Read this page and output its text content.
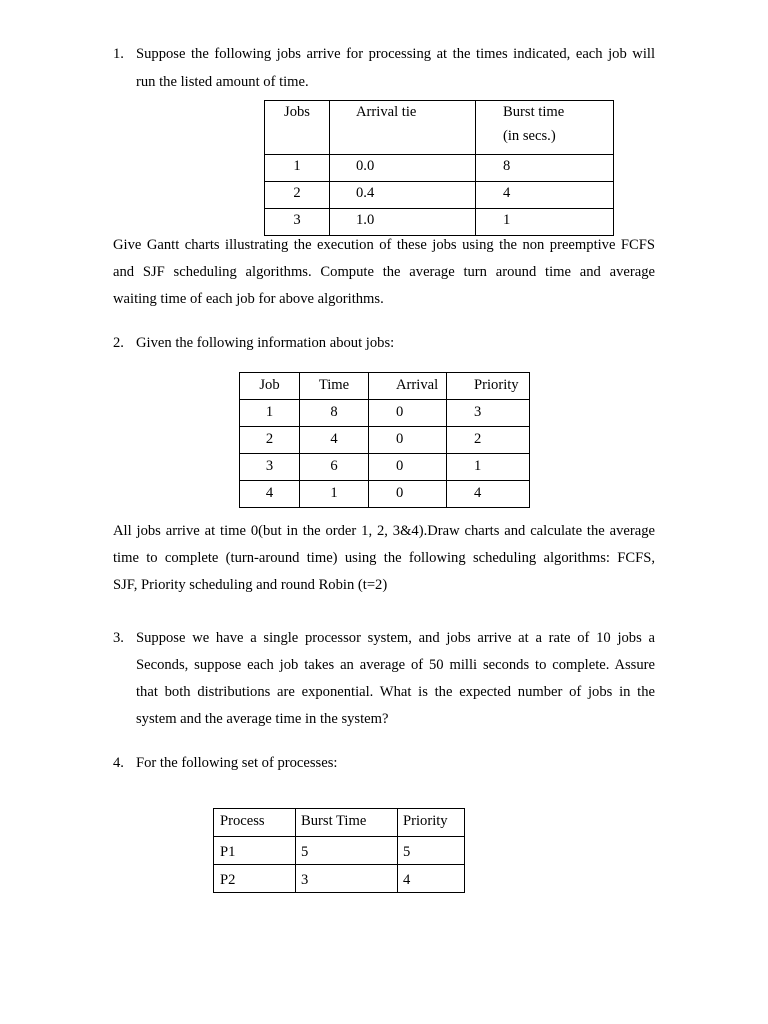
1. Suppose the following jobs arrive for processing at the times indicated, each job will
run the listed amount of time.
Jobs	Arrival tie	Burst time
(in secs.)

1	0.0	8

2	0.4	4

3	1.0	1
Give Gantt charts illustrating the execution of these jobs using the non preemptive FCFS
and SJF scheduling algorithms. Compute the average turn around time and average
waiting time of each job for above algorithms.
2. Given the following information about jobs:
Job	Time	Arrival	Priority

1	8	0	3

2	4	0	2

3	6	0	1

4	1	0	4
All jobs arrive at time 0(but in the order 1, 2, 3&4).Draw charts and calculate the average
time to complete (turn-around time) using the following scheduling algorithms: FCFS,
SJF, Priority scheduling and round Robin (t=2)
3. Suppose we have a single processor system, and jobs arrive at a rate of 10 jobs a
Seconds, suppose each job takes an average of 50 milli seconds to complete. Assure
that both distributions are exponential. What is the expected number of jobs in the
system and the average time in the system?
4. For the following set of processes:
Process	Burst Time	Priority

P1	5	5

P2	3	4
